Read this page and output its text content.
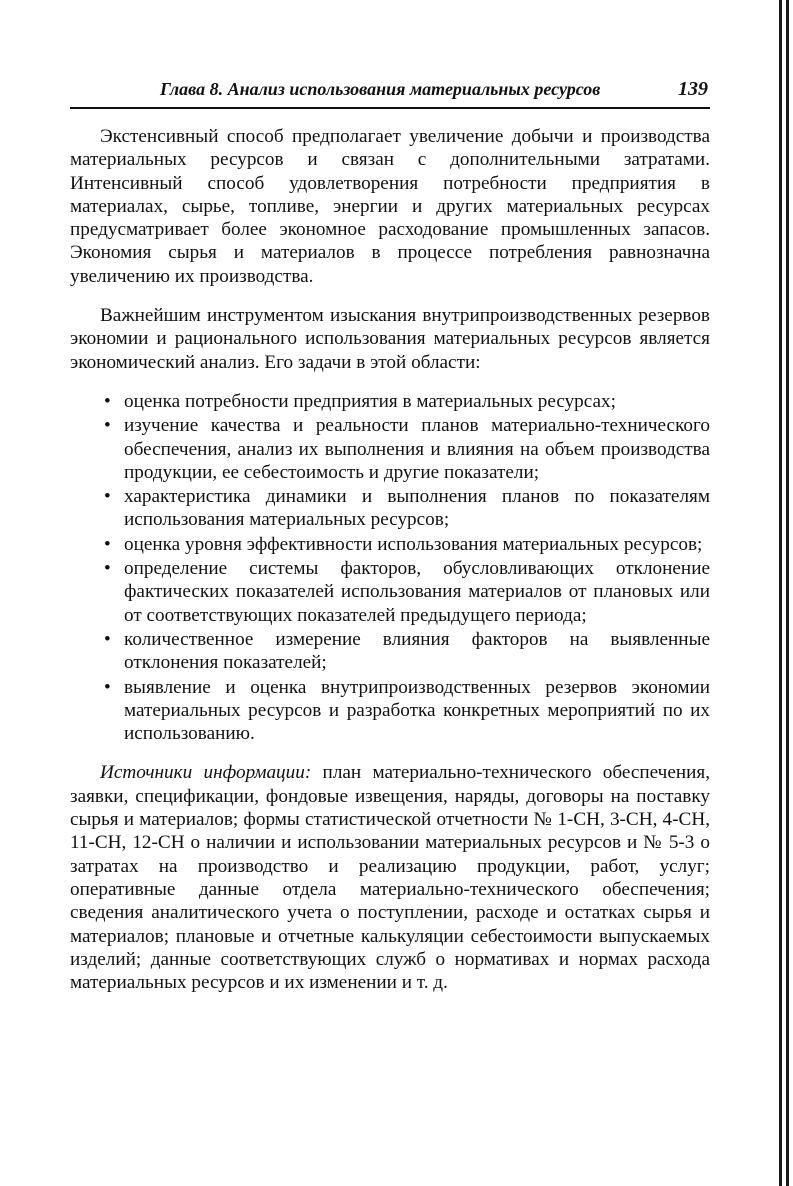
Глава 8. Анализ использования материальных ресурсов	139

Экстенсивный способ предполагает увеличение добычи и производства материальных ресурсов и связан с дополнительными затратами. Интенсивный способ удовлетворения потребности предприятия в материалах, сырье, топливе, энергии и других материальных ресурсах предусматривает более экономное расходование промышленных запасов. Экономия сырья и материалов в процессе потребления равнозначна увеличению их производства.

Важнейшим инструментом изыскания внутрипроизводственных резервов экономии и рационального использования материальных ресурсов является экономический анализ. Его задачи в этой области:

• оценка потребности предприятия в материальных ресурсах;
• изучение качества и реальности планов материально-технического обеспечения, анализ их выполнения и влияния на объем производства продукции, ее себестоимость и другие показатели;
• характеристика динамики и выполнения планов по показателям использования материальных ресурсов;
• оценка уровня эффективности использования материальных ресурсов;
• определение системы факторов, обусловливающих отклонение фактических показателей использования материалов от плановых или от соответствующих показателей предыдущего периода;
• количественное измерение влияния факторов на выявленные отклонения показателей;
• выявление и оценка внутрипроизводственных резервов экономии материальных ресурсов и разработка конкретных мероприятий по их использованию.

Источники информации: план материально-технического обеспечения, заявки, спецификации, фондовые извещения, наряды, договоры на поставку сырья и материалов; формы статистической отчетности № 1-СН, 3-СН, 4-СН, 11-СН, 12-СН о наличии и использовании материальных ресурсов и № 5-3 о затратах на производство и реализацию продукции, работ, услуг; оперативные данные отдела материально-технического обеспечения; сведения аналитического учета о поступлении, расходе и остатках сырья и материалов; плановые и отчетные калькуляции себестоимости выпускаемых изделий; данные соответствующих служб о нормативах и нормах расхода материальных ресурсов и их изменении и т. д.
